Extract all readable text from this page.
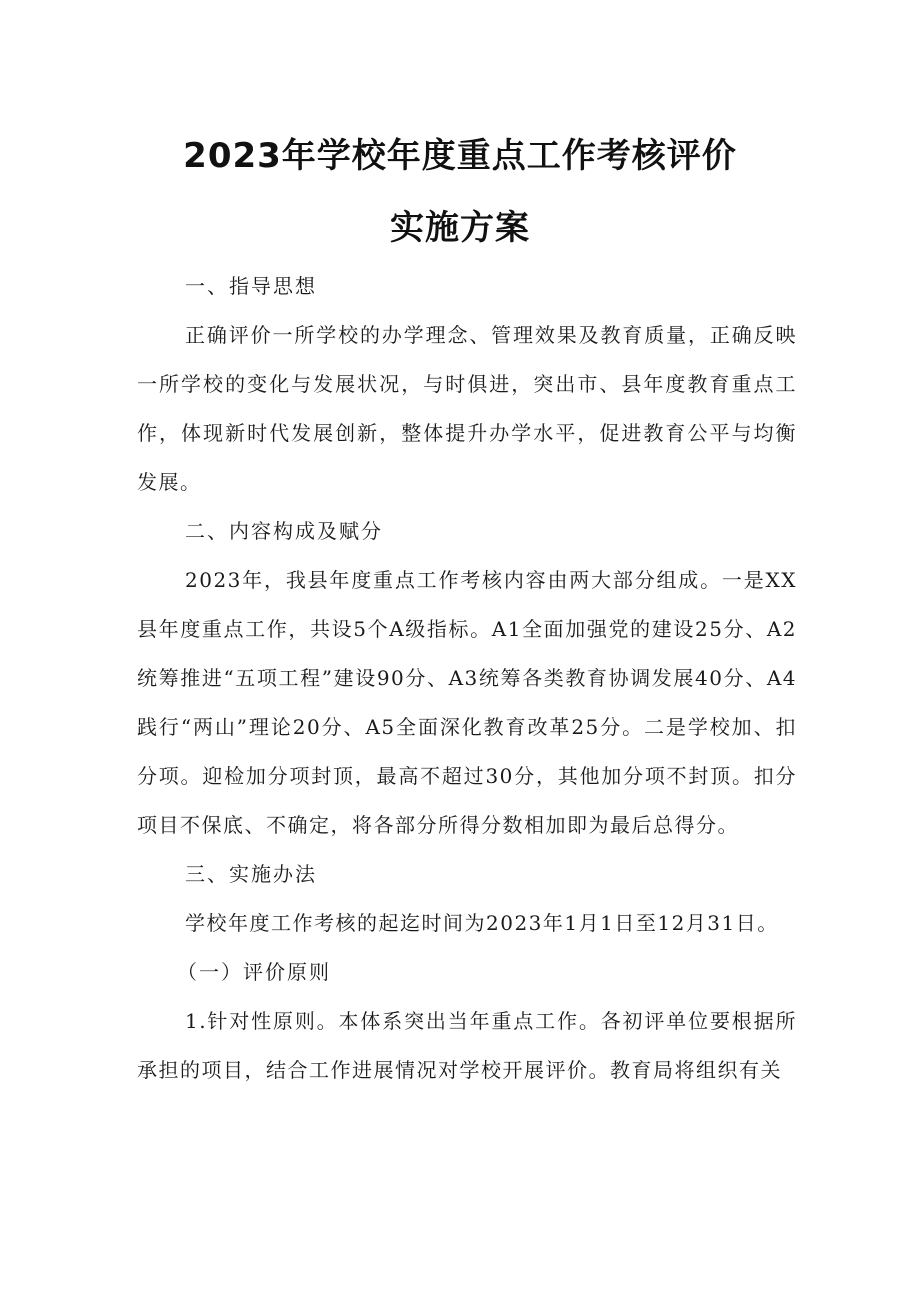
2023年学校年度重点工作考核评价
实施方案

一、指导思想

正确评价一所学校的办学理念、管理效果及教育质量，正确反映一所学校的变化与发展状况，与时俱进，突出市、县年度教育重点工作，体现新时代发展创新，整体提升办学水平，促进教育公平与均衡发展。

二、内容构成及赋分

2023年，我县年度重点工作考核内容由两大部分组成。一是XX县年度重点工作，共设5个A级指标。A1全面加强党的建设25分、A2统筹推进“五项工程”建设90分、A3统筹各类教育协调发展40分、A4践行“两山”理论20分、A5全面深化教育改革25分。二是学校加、扣分项。迎检加分项封顶，最高不超过30分，其他加分项不封顶。扣分项目不保底、不确定，将各部分所得分数相加即为最后总得分。

三、实施办法

学校年度工作考核的起迄时间为2023年1月1日至12月31日。

（一）评价原则

1.针对性原则。本体系突出当年重点工作。各初评单位要根据所承担的项目，结合工作进展情况对学校开展评价。教育局将组织有关
